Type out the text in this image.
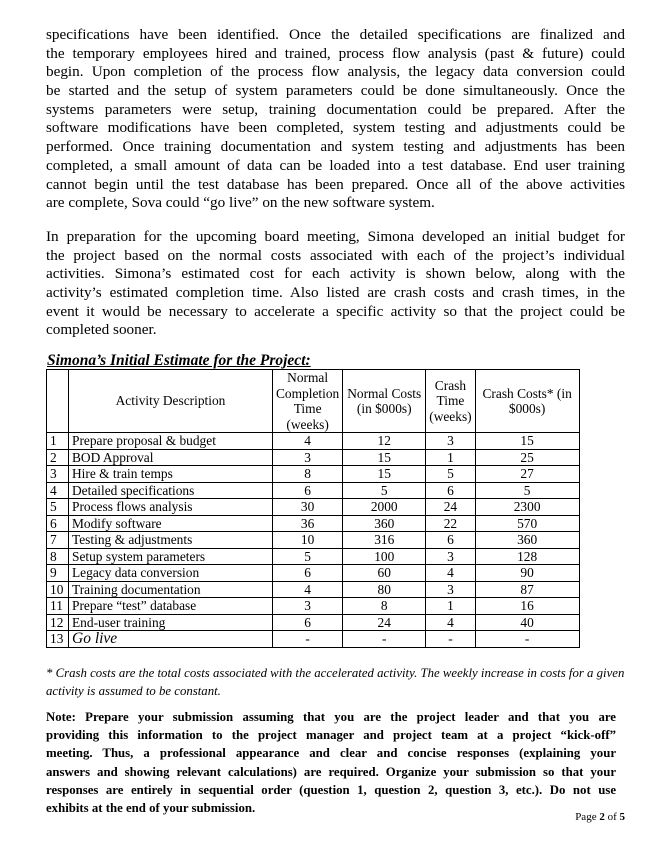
specifications have been identified. Once the detailed specifications are finalized and
the temporary employees hired and trained, process flow analysis (past & future) could
begin. Upon completion of the process flow analysis, the legacy data conversion could
be started and the setup of system parameters could be done simultaneously. Once the
systems parameters were setup, training documentation could be prepared. After the
software modifications have been completed, system testing and adjustments could be
performed. Once training documentation and system testing and adjustments has been
completed, a small amount of data can be loaded into a test database. End user training
cannot begin until the test database has been prepared. Once all of the above activities
are complete, Sova could “go live” on the new software system.
In preparation for the upcoming board meeting, Simona developed an initial budget for
the project based on the normal costs associated with each of the project’s individual
activities. Simona’s estimated cost for each activity is shown below, along with the
activity’s estimated completion time. Also listed are crash costs and crash times, in the
event it would be necessary to accelerate a specific activity so that the project could be
completed sooner.
Simona’s Initial Estimate for the Project:
	Activity Description	Normal Completion Time (weeks)	Normal Costs (in $000s)	Crash Time (weeks)	Crash Costs* (in $000s)
1	Prepare proposal & budget	4	12	3	15
2	BOD Approval	3	15	1	25
3	Hire & train temps	8	15	5	27
4	Detailed specifications	6	5	6	5
5	Process flows analysis	30	2000	24	2300
6	Modify software	36	360	22	570
7	Testing & adjustments	10	316	6	360
8	Setup system parameters	5	100	3	128
9	Legacy data conversion	6	60	4	90
10	Training documentation	4	80	3	87
11	Prepare “test” database	3	8	1	16
12	End-user training	6	24	4	40
13	Go live	-	-	-	-
* Crash costs are the total costs associated with the accelerated activity. The weekly increase in costs for a given activity is assumed to be constant.
Note: Prepare your submission assuming that you are the project leader and that you are
providing this information to the project manager and project team at a project “kick-off”
meeting. Thus, a professional appearance and clear and concise responses (explaining your
answers and showing relevant calculations) are required. Organize your submission so that your
responses are entirely in sequential order (question 1, question 2, question 3, etc.). Do not use
exhibits at the end of your submission.
Page 2 of 5
